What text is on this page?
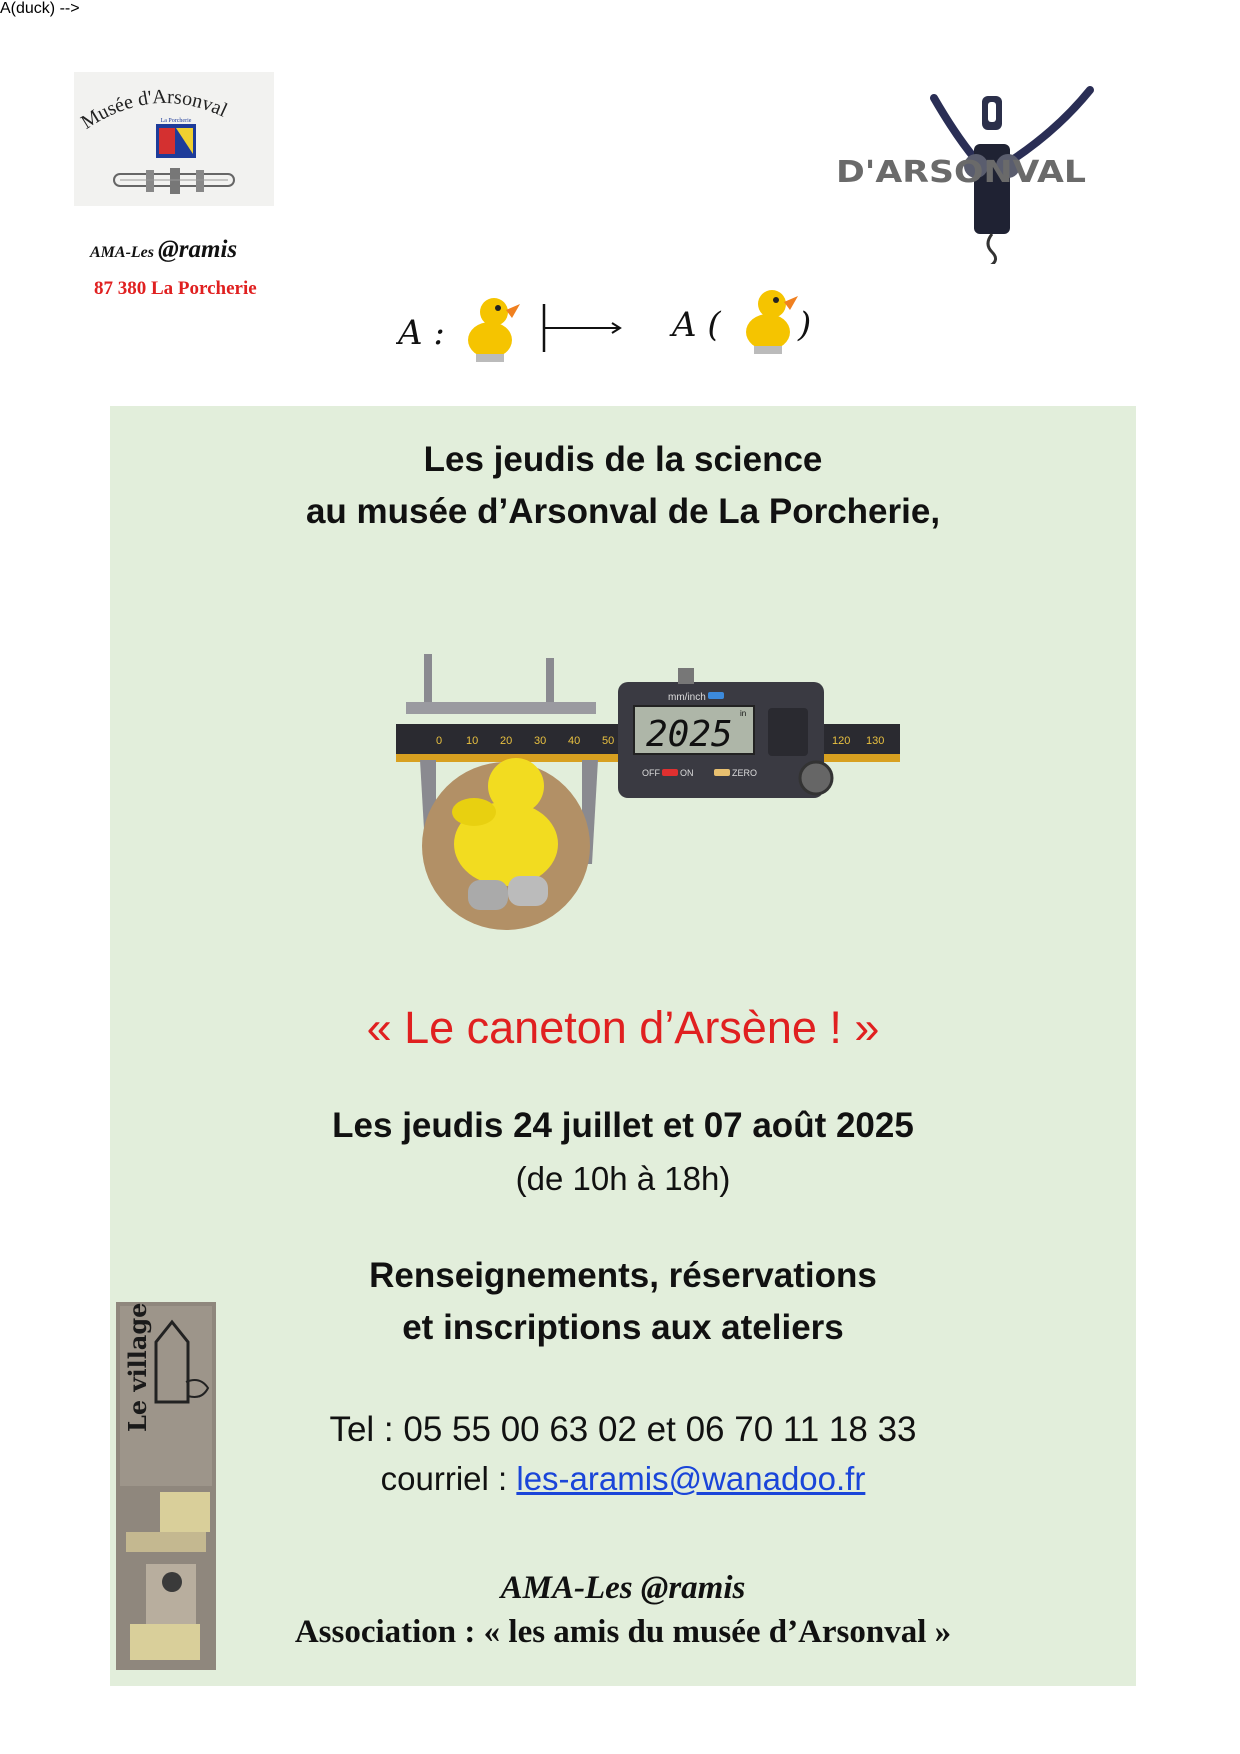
Musée d'Arsonval
La Porcherie
AMA-Les @ramis
87 380 La Porcherie
D'ARSONVAL
A(duck) -->
A :	A ( )
Les jeudis de la science
au musée d’Arsonval de La Porcherie,
0 10 20 30 40 50	120 130
mm/inch
2025
in
OFF ON	ZERO
« Le caneton d’Arsène ! »
Les jeudis 24 juillet et 07 août 2025
(de 10h à 18h)
Renseignements, réservations
et inscriptions aux ateliers
Tel : 05 55 00 63 02 et 06 70 11 18 33
courriel : les-aramis@wanadoo.fr
AMA-Les @ramis
Association : « les amis du musée d’Arsonval »
Le village
